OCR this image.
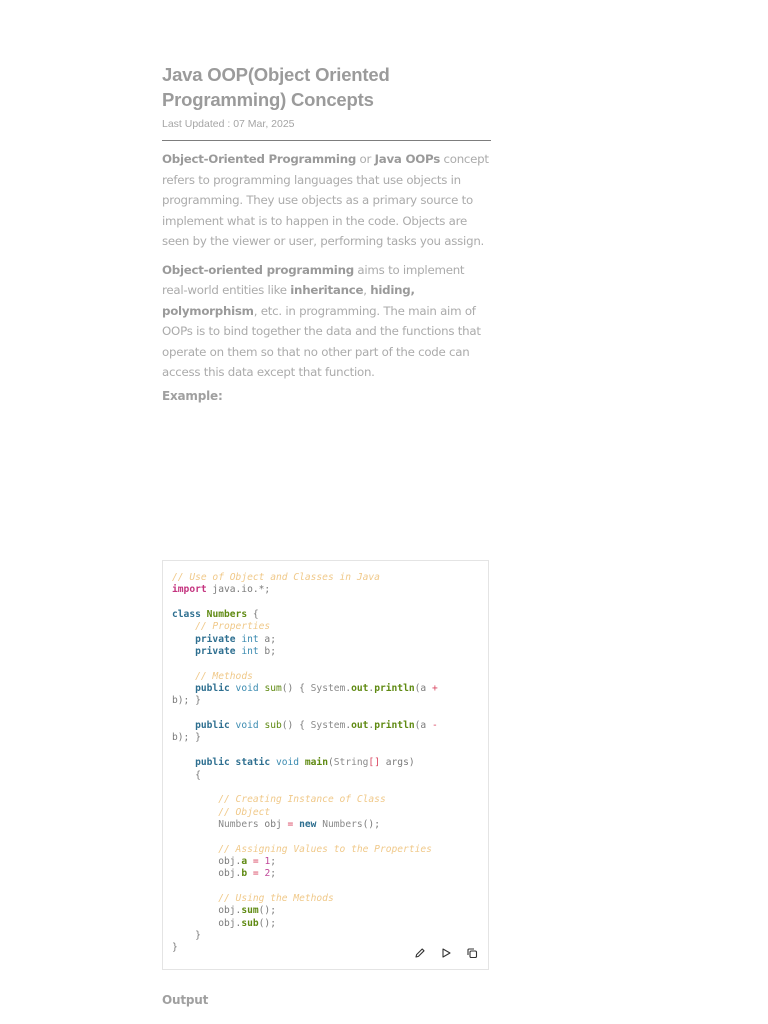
Java OOP(Object Oriented Programming) Concepts
Last Updated : 07 Mar, 2025

Object-Oriented Programming or Java OOPs concept refers to programming languages that use objects in programming. They use objects as a primary source to implement what is to happen in the code. Objects are seen by the viewer or user, performing tasks you assign.

Object-oriented programming aims to implement real-world entities like inheritance, hiding, polymorphism, etc. in programming. The main aim of OOPs is to bind together the data and the functions that operate on them so that no other part of the code can access this data except that function.

Example:
// Use of Object and Classes in Java
import java.io.*;

class Numbers {
// Properties
private int a;
private int b;

// Methods
public void sum() { System.out.println(a +
b); }

public void sub() { System.out.println(a -
b); }

public static void main(String[] args)
{

// Creating Instance of Class
// Object
Numbers obj = new Numbers();

// Assigning Values to the Properties
obj.a = 1;
obj.b = 2;

// Using the Methods
obj.sum();
obj.sub();
}
}
Output
